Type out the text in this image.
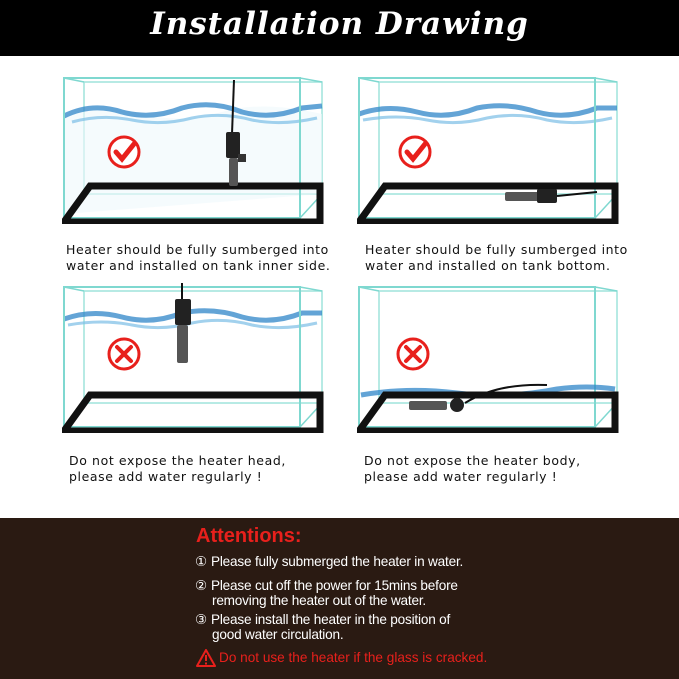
Installation Drawing
Heater should be fully sumberged into
water and installed on tank inner side.
Heater should be fully sumberged into
water and installed on tank bottom.
Do not expose the heater head,
please add water regularly !
Do not expose the heater body,
please add water regularly !
Attentions:
① Please fully submerged the heater in water.
② Please cut off the power for 15mins before
removing the heater out of the water.
③ Please install the heater in the position of
good water circulation.
Do not use the heater if the glass is cracked.
